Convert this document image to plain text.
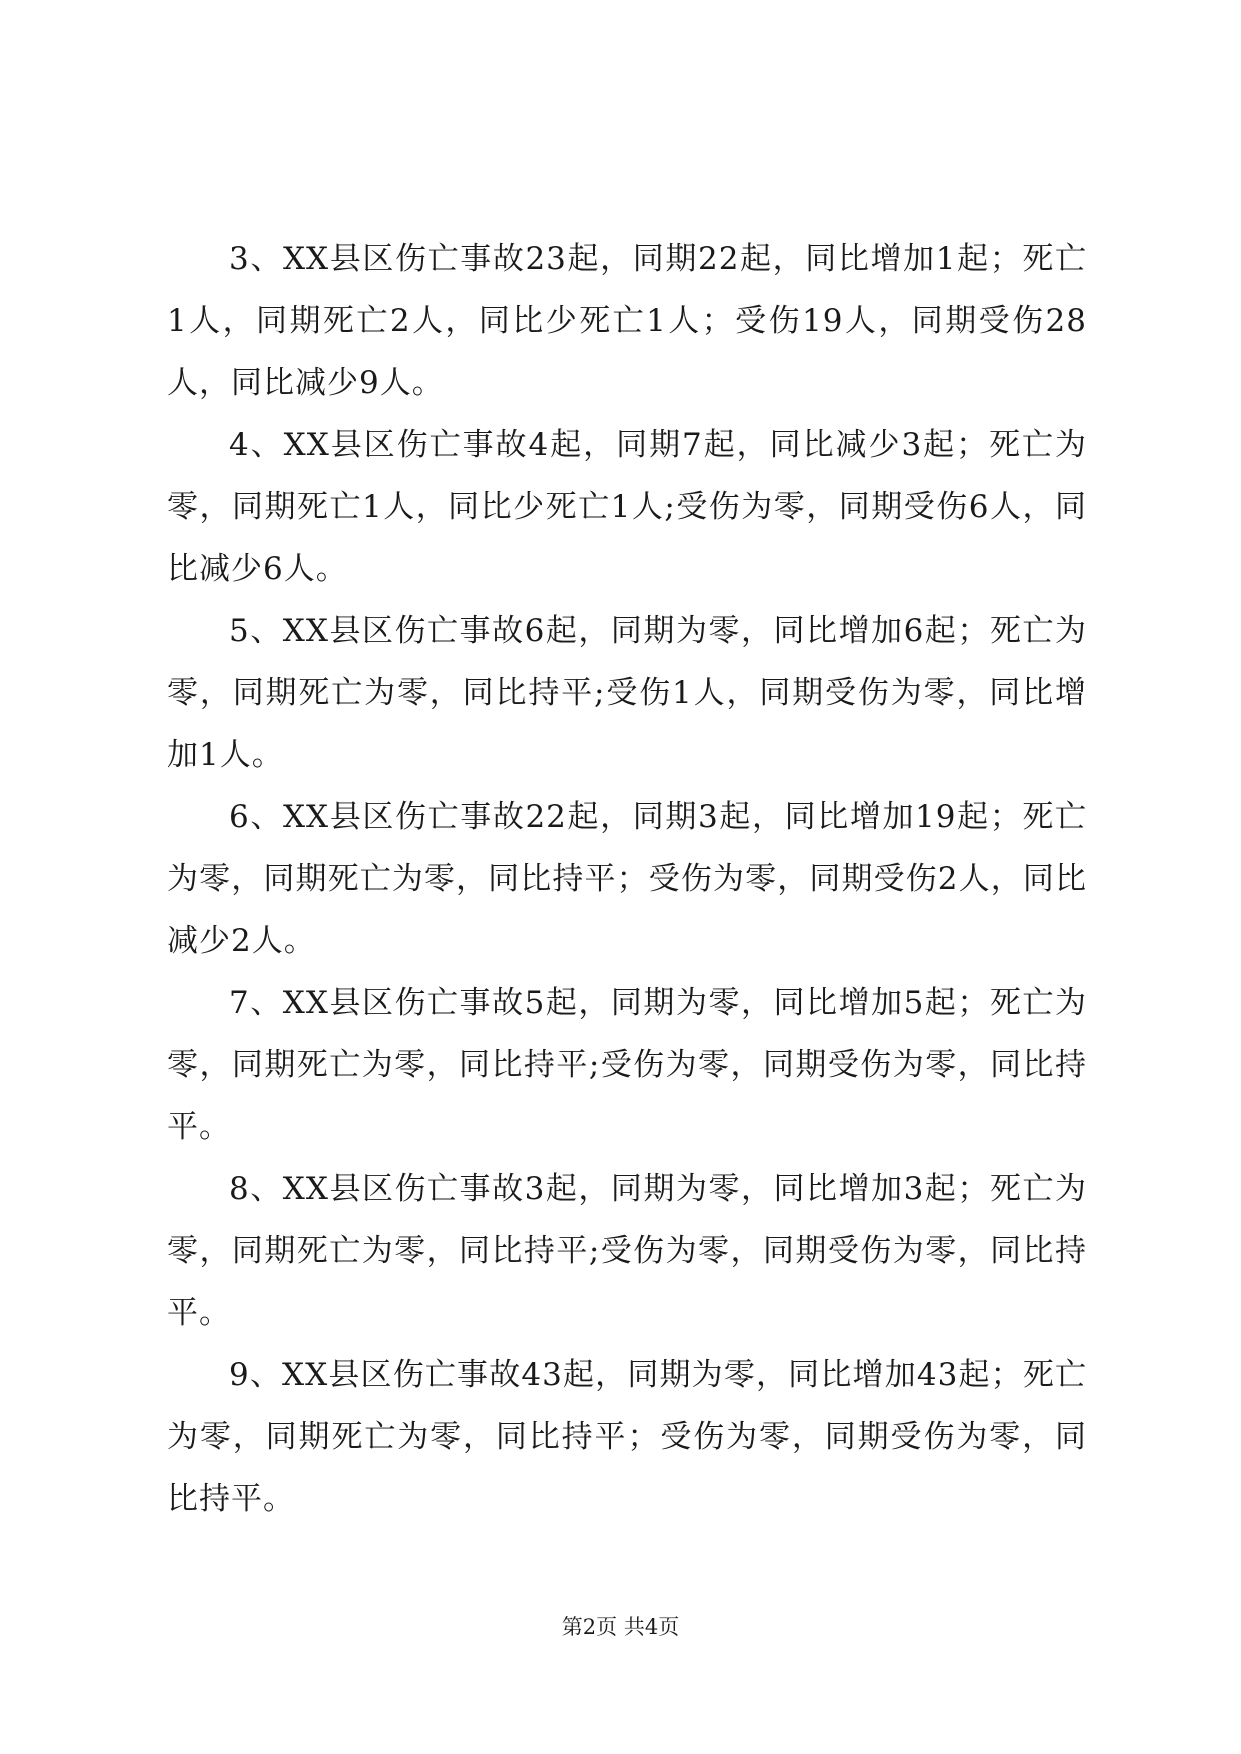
3、XX县区伤亡事故23起，同期22起，同比增加1起；死亡1人，同期死亡2人，同比少死亡1人；受伤19人，同期受伤28人，同比减少9人。

4、XX县区伤亡事故4起，同期7起，同比减少3起；死亡为零，同期死亡1人，同比少死亡1人;受伤为零，同期受伤6人，同比减少6人。

5、XX县区伤亡事故6起，同期为零，同比增加6起；死亡为零，同期死亡为零，同比持平;受伤1人，同期受伤为零，同比增加1人。

6、XX县区伤亡事故22起，同期3起，同比增加19起；死亡为零，同期死亡为零，同比持平；受伤为零，同期受伤2人，同比减少2人。

7、XX县区伤亡事故5起，同期为零，同比增加5起；死亡为零，同期死亡为零，同比持平;受伤为零，同期受伤为零，同比持平。

8、XX县区伤亡事故3起，同期为零，同比增加3起；死亡为零，同期死亡为零，同比持平;受伤为零，同期受伤为零，同比持平。

9、XX县区伤亡事故43起，同期为零，同比增加43起；死亡为零，同期死亡为零，同比持平；受伤为零，同期受伤为零，同比持平。

第2页 共4页
